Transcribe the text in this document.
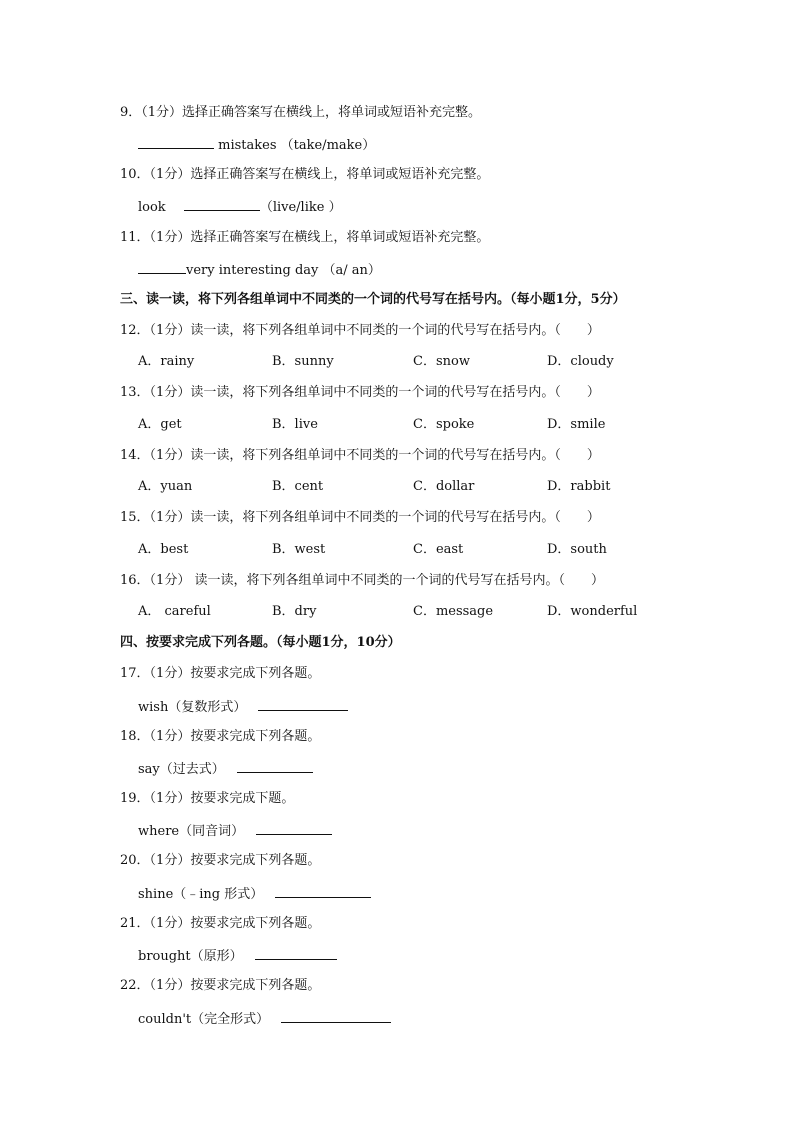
9．（1分）选择正确答案写在横线上，将单词或短语补充完整。
mistakes （take/make）
10．（1分）选择正确答案写在横线上，将单词或短语补充完整。
look	（live/like ）
11．（1分）选择正确答案写在横线上，将单词或短语补充完整。
very interesting day （a/ an）
三、读一读，将下列各组单词中不同类的一个词的代号写在括号内。（每小题1分，5分）
12．（1分）读一读，将下列各组单词中不同类的一个词的代号写在括号内。（　　）
A．rainy	B．sunny	C．snow	D．cloudy
13．（1分）读一读，将下列各组单词中不同类的一个词的代号写在括号内。（　　）
A．get	B．live	C．spoke	D．smile
14．（1分）读一读，将下列各组单词中不同类的一个词的代号写在括号内。（　　）
A．yuan	B．cent	C．dollar	D．rabbit
15．（1分）读一读，将下列各组单词中不同类的一个词的代号写在括号内。（　　）
A．best	B．west	C．east	D．south
16．（1分） 读一读，将下列各组单词中不同类的一个词的代号写在括号内。（　　）
A． careful	B．dry	C．message	D．wonderful
四、按要求完成下列各题。（每小题1分，10分）
17．（1分）按要求完成下列各题。
wish（复数形式）
18．（1分）按要求完成下列各题。
say（过去式）
19．（1分）按要求完成下题。
where（同音词）
20．（1分）按要求完成下列各题。
shine（﹣ing 形式）
21．（1分）按要求完成下列各题。
brought（原形）
22．（1分）按要求完成下列各题。
couldn't（完全形式）
